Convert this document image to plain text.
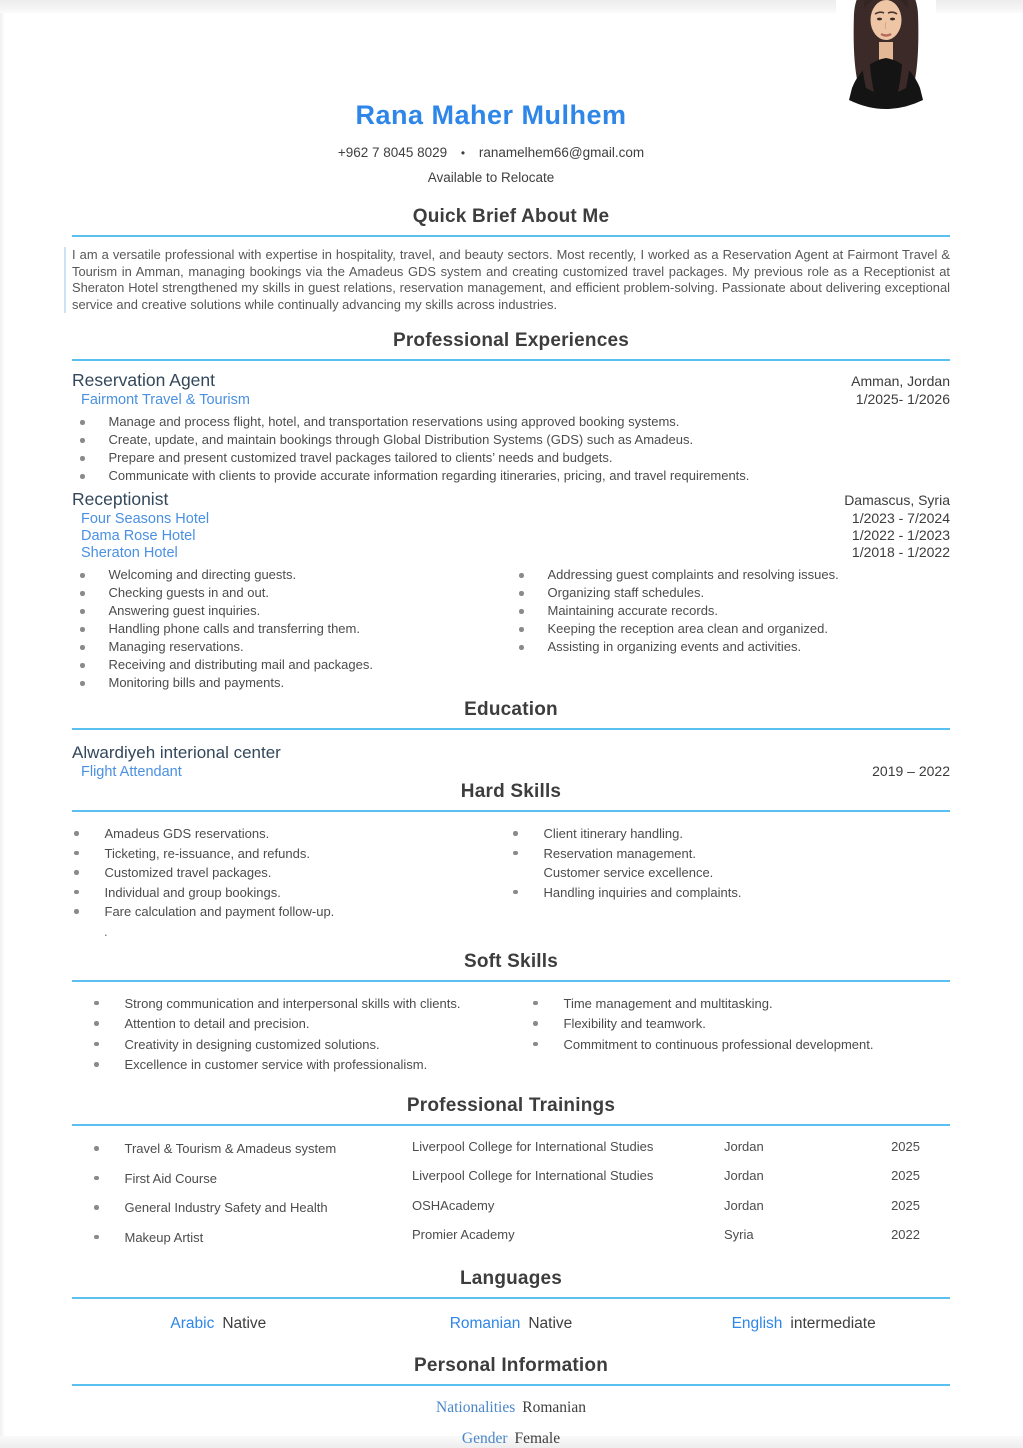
Rana Maher Mulhem
+962 7 8045 8029 • ranamelhem66@gmail.com
Available to Relocate
Quick Brief About Me
I am a versatile professional with expertise in hospitality, travel, and beauty sectors. Most recently, I worked as a Reservation Agent at Fairmont Travel & Tourism in Amman, managing bookings via the Amadeus GDS system and creating customized travel packages. My previous role as a Receptionist at Sheraton Hotel strengthened my skills in guest relations, reservation management, and efficient problem-solving. Passionate about delivering exceptional service and creative solutions while continually advancing my skills across industries.
Professional Experiences
Reservation Agent	Amman, Jordan
Fairmont Travel & Tourism	1/2025- 1/2026
Manage and process flight, hotel, and transportation reservations using approved booking systems.
Create, update, and maintain bookings through Global Distribution Systems (GDS) such as Amadeus.
Prepare and present customized travel packages tailored to clients’ needs and budgets.
Communicate with clients to provide accurate information regarding itineraries, pricing, and travel requirements.
Receptionist	Damascus, Syria
Four Seasons Hotel	1/2023 - 7/2024
Dama Rose Hotel	1/2022 - 1/2023
Sheraton Hotel	1/2018 - 1/2022
Welcoming and directing guests.
Checking guests in and out.
Answering guest inquiries.
Handling phone calls and transferring them.
Managing reservations.
Receiving and distributing mail and packages.
Monitoring bills and payments.
Addressing guest complaints and resolving issues.
Organizing staff schedules.
Maintaining accurate records.
Keeping the reception area clean and organized.
Assisting in organizing events and activities.
Education
Alwardiyeh interional center
Flight Attendant	2019 – 2022
Hard Skills
Amadeus GDS reservations.
Ticketing, re-issuance, and refunds.
Customized travel packages.
Individual and group bookings.
Fare calculation and payment follow-up.
.
Client itinerary handling.
Reservation management.
Customer service excellence.
Handling inquiries and complaints.
Soft Skills
Strong communication and interpersonal skills with clients.
Attention to detail and precision.
Creativity in designing customized solutions.
Excellence in customer service with professionalism.
Time management and multitasking.
Flexibility and teamwork.
Commitment to continuous professional development.
Professional Trainings
Travel & Tourism & Amadeus system	Liverpool College for International Studies	Jordan	2025
First Aid Course	Liverpool College for International Studies	Jordan	2025
General Industry Safety and Health	OSHAcademy	Jordan	2025
Makeup Artist	Promier Academy	Syria	2022
Languages
Arabic Native	Romanian Native	English intermediate
Personal Information
Nationalities Romanian
Gender Female
